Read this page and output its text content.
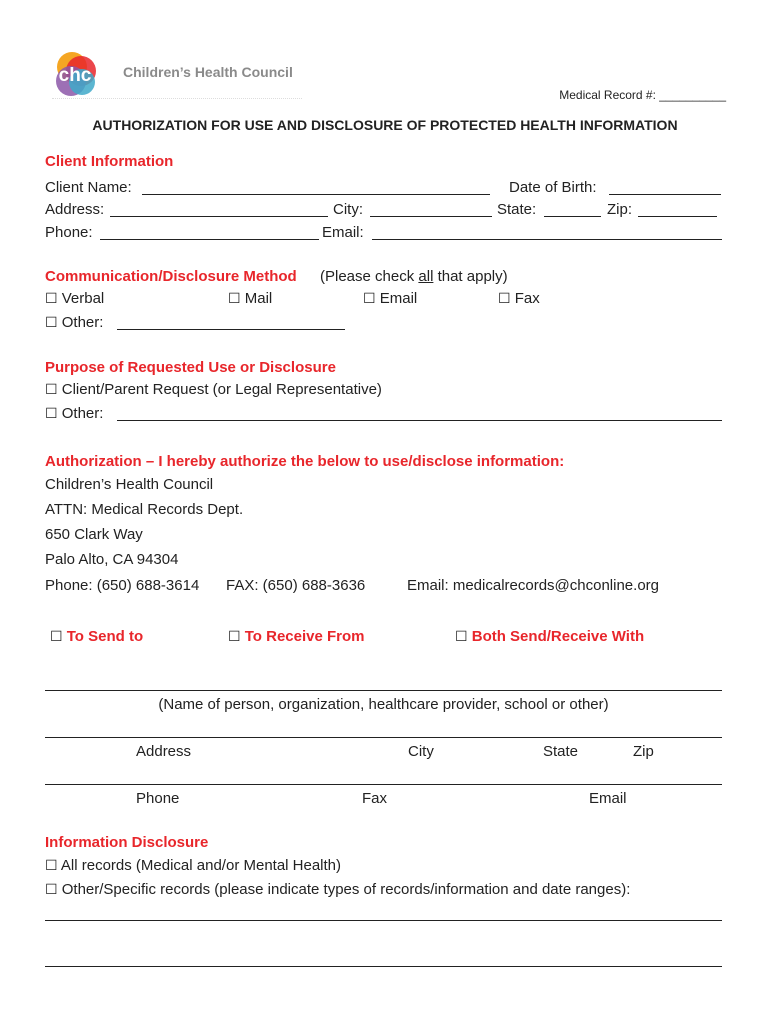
chc Children’s Health Council
Medical Record #: __________
AUTHORIZATION FOR USE AND DISCLOSURE OF PROTECTED HEALTH INFORMATION
Client Information
Client Name:	Date of Birth:
Address:	City:	State:	Zip:
Phone:	Email:
Communication/Disclosure Method (Please check all that apply)
☐ Verbal	☐ Mail	☐ Email	☐ Fax
☐ Other:
Purpose of Requested Use or Disclosure
☐ Client/Parent Request (or Legal Representative)
☐ Other:
Authorization – I hereby authorize the below to use/disclose information:
Children’s Health Council
ATTN: Medical Records Dept.
650 Clark Way
Palo Alto, CA 94304
Phone: (650) 688-3614 FAX: (650) 688-3636	Email: medicalrecords@chconline.org
☐ To Send to	☐ To Receive From	☐ Both Send/Receive With
(Name of person, organization, healthcare provider, school or other)
Address	City	State	Zip
Phone	Fax	Email
Information Disclosure
☐ All records (Medical and/or Mental Health)
☐ Other/Specific records (please indicate types of records/information and date ranges):
